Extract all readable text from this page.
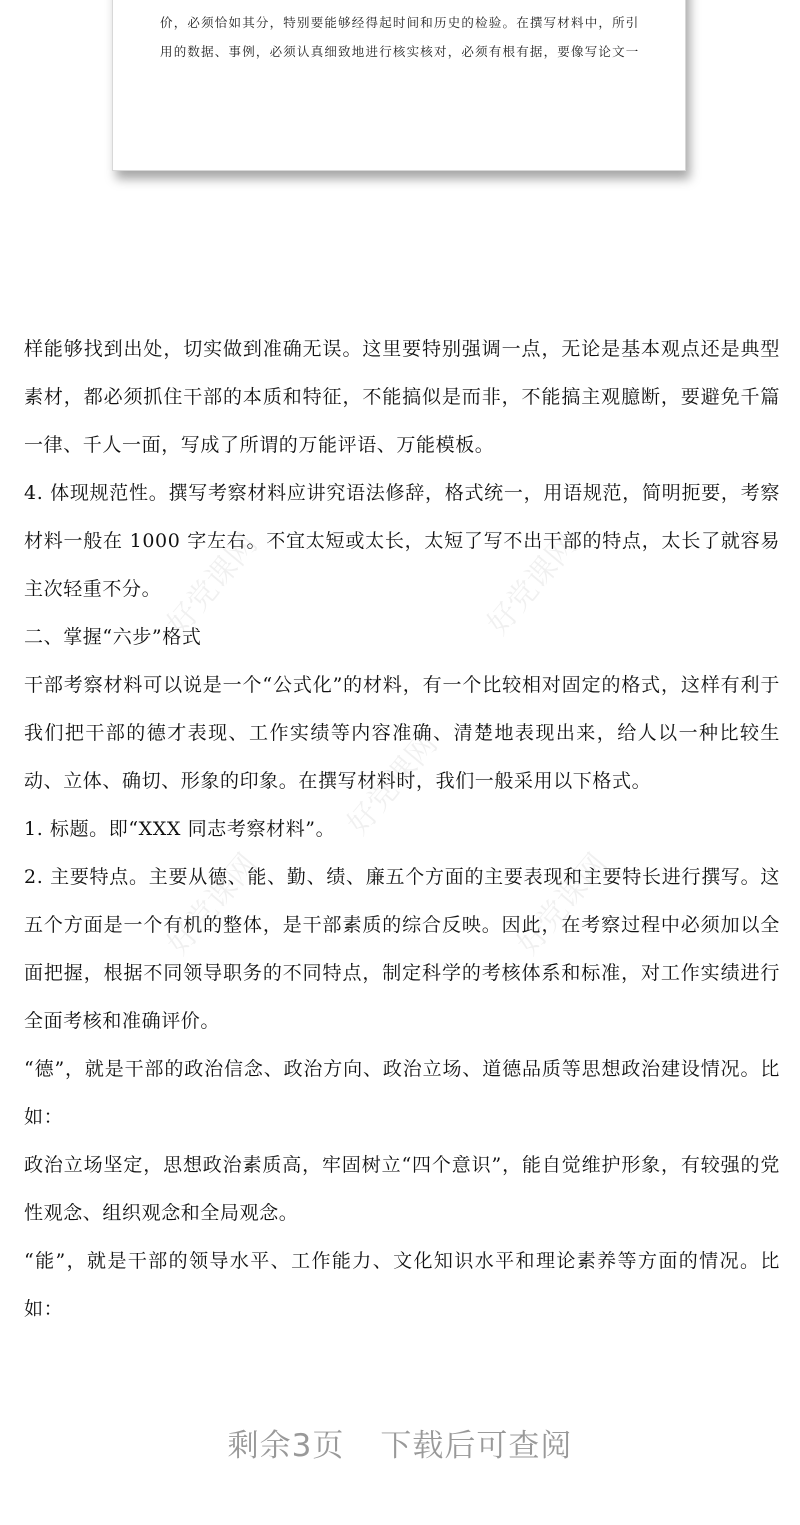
价，必须恰如其分，特别要能够经得起时间和历史的检验。在撰写材料中，所引
用的数据、事例，必须认真细致地进行核实核对，必须有根有据，要像写论文一
好党课网	好党课网
好党课网
好党课网	好党课网

样能够找到出处，切实做到准确无误。这里要特别强调一点，无论是基本观点还是典型素材，都必须抓住干部的本质和特征，不能搞似是而非，不能搞主观臆断，要避免千篇一律、千人一面，写成了所谓的万能评语、万能模板。

4. 体现规范性。撰写考察材料应讲究语法修辞，格式统一，用语规范，简明扼要，考察材料一般在 1000 字左右。不宜太短或太长，太短了写不出干部的特点，太长了就容易主次轻重不分。

二、掌握“六步”格式

干部考察材料可以说是一个“公式化”的材料，有一个比较相对固定的格式，这样有利于我们把干部的德才表现、工作实绩等内容准确、清楚地表现出来，给人以一种比较生动、立体、确切、形象的印象。在撰写材料时，我们一般采用以下格式。

1. 标题。即“XXX 同志考察材料”。

2. 主要特点。主要从德、能、勤、绩、廉五个方面的主要表现和主要特长进行撰写。这五个方面是一个有机的整体，是干部素质的综合反映。因此，在考察过程中必须加以全面把握，根据不同领导职务的不同特点，制定科学的考核体系和标准，对工作实绩进行全面考核和准确评价。

“德”，就是干部的政治信念、政治方向、政治立场、道德品质等思想政治建设情况。比如：

政治立场坚定，思想政治素质高，牢固树立“四个意识”，能自觉维护形象，有较强的党性观念、组织观念和全局观念。

“能”，就是干部的领导水平、工作能力、文化知识水平和理论素养等方面的情况。比如：

剩余3页 下载后可查阅
